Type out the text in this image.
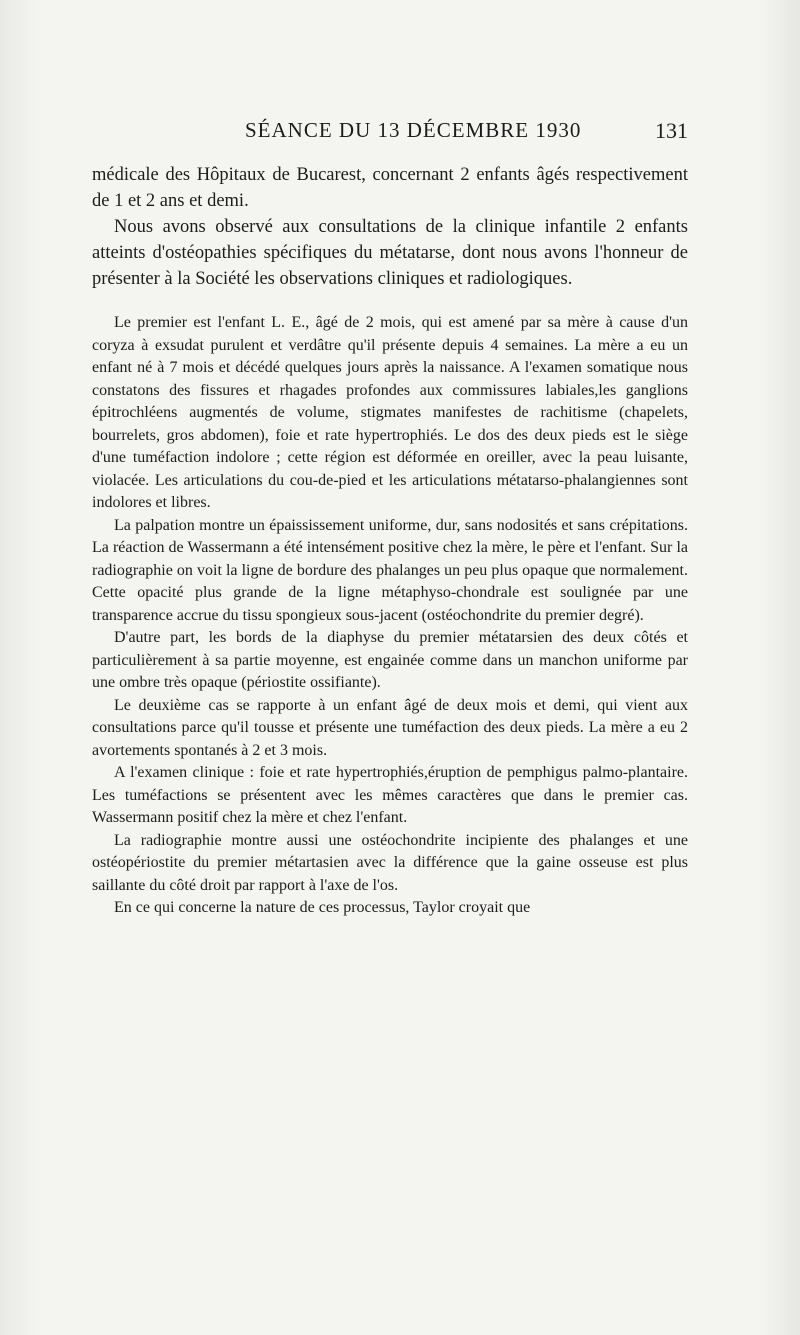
SÉANCE DU 13 DÉCEMBRE 1930	131

médicale des Hôpitaux de Bucarest, concernant 2 enfants âgés respectivement de 1 et 2 ans et demi.

Nous avons observé aux consultations de la clinique infantile 2 enfants atteints d'ostéopathies spécifiques du métatarse, dont nous avons l'honneur de présenter à la Société les observations cliniques et radiologiques.

Le premier est l'enfant L. E., âgé de 2 mois, qui est amené par sa mère à cause d'un coryza à exsudat purulent et verdâtre qu'il présente depuis 4 semaines. La mère a eu un enfant né à 7 mois et décédé quelques jours après la naissance. A l'examen somatique nous constatons des fissures et rhagades profondes aux commissures labiales,les ganglions épitrochléens augmentés de volume, stigmates manifestes de rachitisme (chapelets, bourrelets, gros abdomen), foie et rate hypertrophiés. Le dos des deux pieds est le siège d'une tuméfaction indolore ; cette région est déformée en oreiller, avec la peau luisante, violacée. Les articulations du cou-de-pied et les articulations métatarso-phalangiennes sont indolores et libres.

La palpation montre un épaississement uniforme, dur, sans nodosités et sans crépitations. La réaction de Wassermann a été intensément positive chez la mère, le père et l'enfant. Sur la radiographie on voit la ligne de bordure des phalanges un peu plus opaque que normalement. Cette opacité plus grande de la ligne métaphyso-chondrale est soulignée par une transparence accrue du tissu spongieux sous-jacent (ostéochondrite du premier degré).

D'autre part, les bords de la diaphyse du premier métatarsien des deux côtés et particulièrement à sa partie moyenne, est engainée comme dans un manchon uniforme par une ombre très opaque (périostite ossifiante).

Le deuxième cas se rapporte à un enfant âgé de deux mois et demi, qui vient aux consultations parce qu'il tousse et présente une tuméfaction des deux pieds. La mère a eu 2 avortements spontanés à 2 et 3 mois.

A l'examen clinique : foie et rate hypertrophiés,éruption de pemphigus palmo-plantaire. Les tuméfactions se présentent avec les mêmes caractères que dans le premier cas. Wassermann positif chez la mère et chez l'enfant.

La radiographie montre aussi une ostéochondrite incipiente des phalanges et une ostéopériostite du premier métartasien avec la différence que la gaine osseuse est plus saillante du côté droit par rapport à l'axe de l'os.

En ce qui concerne la nature de ces processus, Taylor croyait que
